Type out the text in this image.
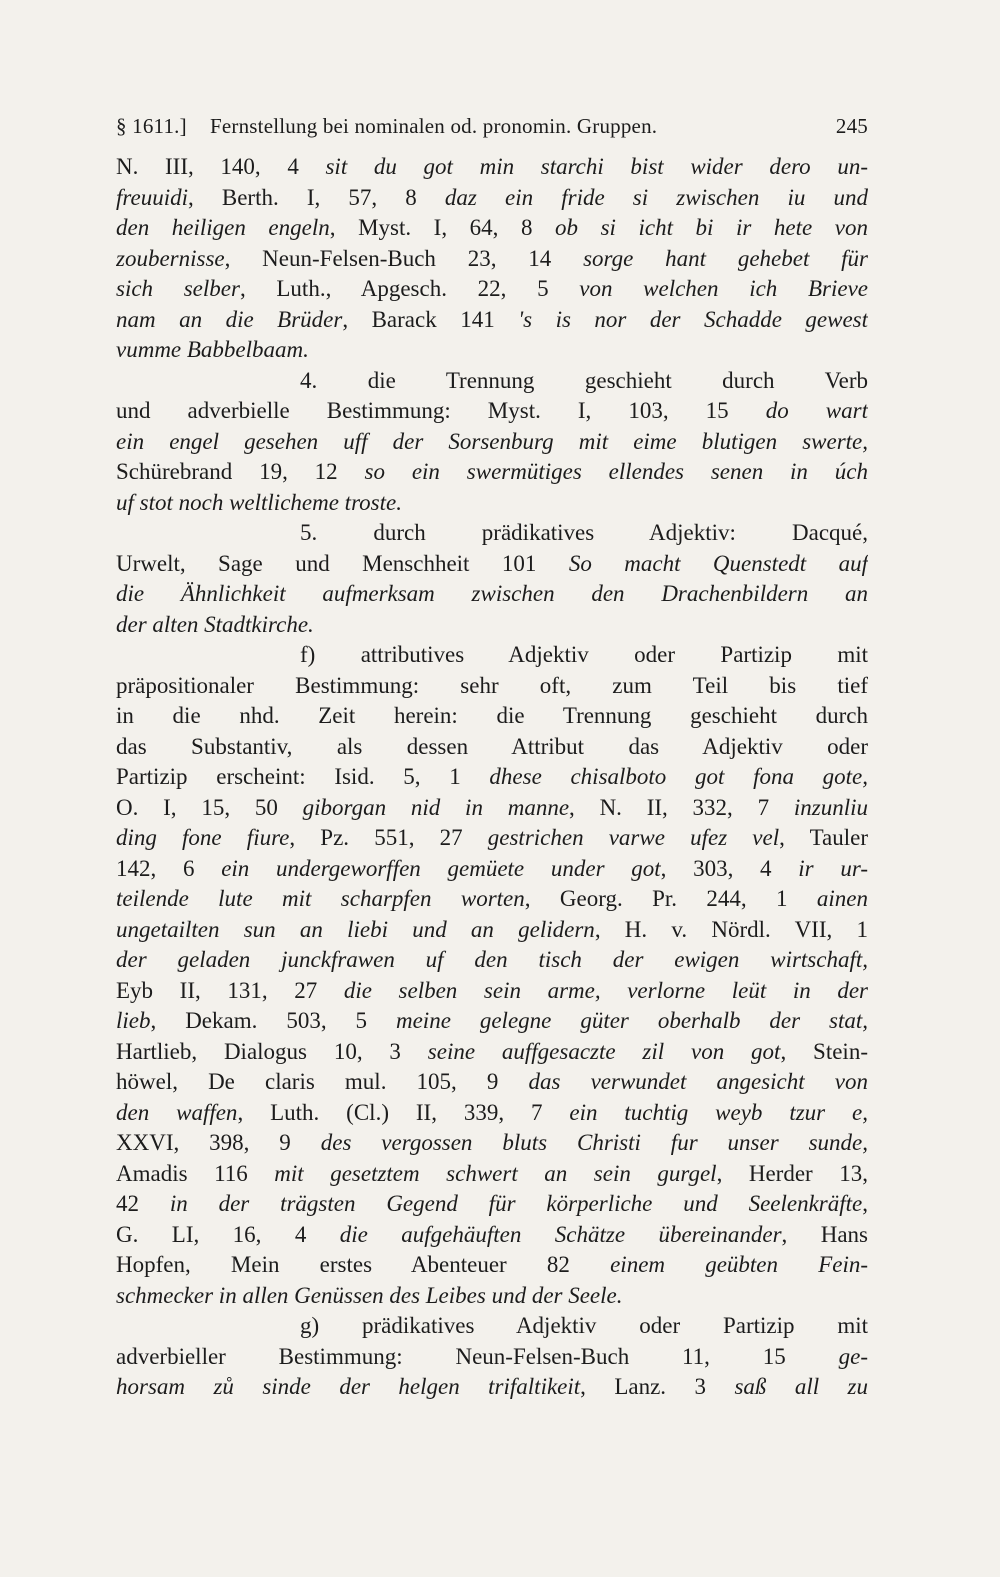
§ 1611.] Fernstellung bei nominalen od. pronomin. Gruppen.	245
N. III, 140, 4 sit du got min starchi bist wider dero un-
freuuidi, Berth. I, 57, 8 daz ein fride si zwischen iu und
den heiligen engeln, Myst. I, 64, 8 ob si icht bi ir hete von
zoubernisse, Neun-Felsen-Buch 23, 14 sorge hant gehebet für
sich selber, Luth., Apgesch. 22, 5 von welchen ich Brieve
nam an die Brüder, Barack 141 's is nor der Schadde gewest
vumme Babbelbaam.
4. die Trennung geschieht durch Verb
und adverbielle Bestimmung: Myst. I, 103, 15 do wart
ein engel gesehen uff der Sorsenburg mit eime blutigen swerte,
Schürebrand 19, 12 so ein swermütiges ellendes senen in úch
uf stot noch weltlicheme troste.
5. durch prädikatives Adjektiv: Dacqué,
Urwelt, Sage und Menschheit 101 So macht Quenstedt auf
die Ähnlichkeit aufmerksam zwischen den Drachenbildern an
der alten Stadtkirche.
f) attributives Adjektiv oder Partizip mit
präpositionaler Bestimmung: sehr oft, zum Teil bis tief
in die nhd. Zeit herein: die Trennung geschieht durch
das Substantiv, als dessen Attribut das Adjektiv oder
Partizip erscheint: Isid. 5, 1 dhese chisalboto got fona gote,
O. I, 15, 50 giborgan nid in manne, N. II, 332, 7 inzunliu
ding fone fiure, Pz. 551, 27 gestrichen varwe ufez vel, Tauler
142, 6 ein undergeworffen gemüete under got, 303, 4 ir ur-
teilende lute mit scharpfen worten, Georg. Pr. 244, 1 ainen
ungetailten sun an liebi und an gelidern, H. v. Nördl. VII, 1
der geladen junckfrawen uf den tisch der ewigen wirtschaft,
Eyb II, 131, 27 die selben sein arme, verlorne leüt in der
lieb, Dekam. 503, 5 meine gelegne güter oberhalb der stat,
Hartlieb, Dialogus 10, 3 seine auffgesaczte zil von got, Stein-
höwel, De claris mul. 105, 9 das verwundet angesicht von
den waffen, Luth. (Cl.) II, 339, 7 ein tuchtig weyb tzur e,
XXVI, 398, 9 des vergossen bluts Christi fur unser sunde,
Amadis 116 mit gesetztem schwert an sein gurgel, Herder 13,
42 in der trägsten Gegend für körperliche und Seelenkräfte,
G. LI, 16, 4 die aufgehäuften Schätze übereinander, Hans
Hopfen, Mein erstes Abenteuer 82 einem geübten Fein-
schmecker in allen Genüssen des Leibes und der Seele.
g) prädikatives Adjektiv oder Partizip mit
adverbieller Bestimmung: Neun-Felsen-Buch 11, 15 ge-
horsam zů sinde der helgen trifaltikeit, Lanz. 3 saß all zu
